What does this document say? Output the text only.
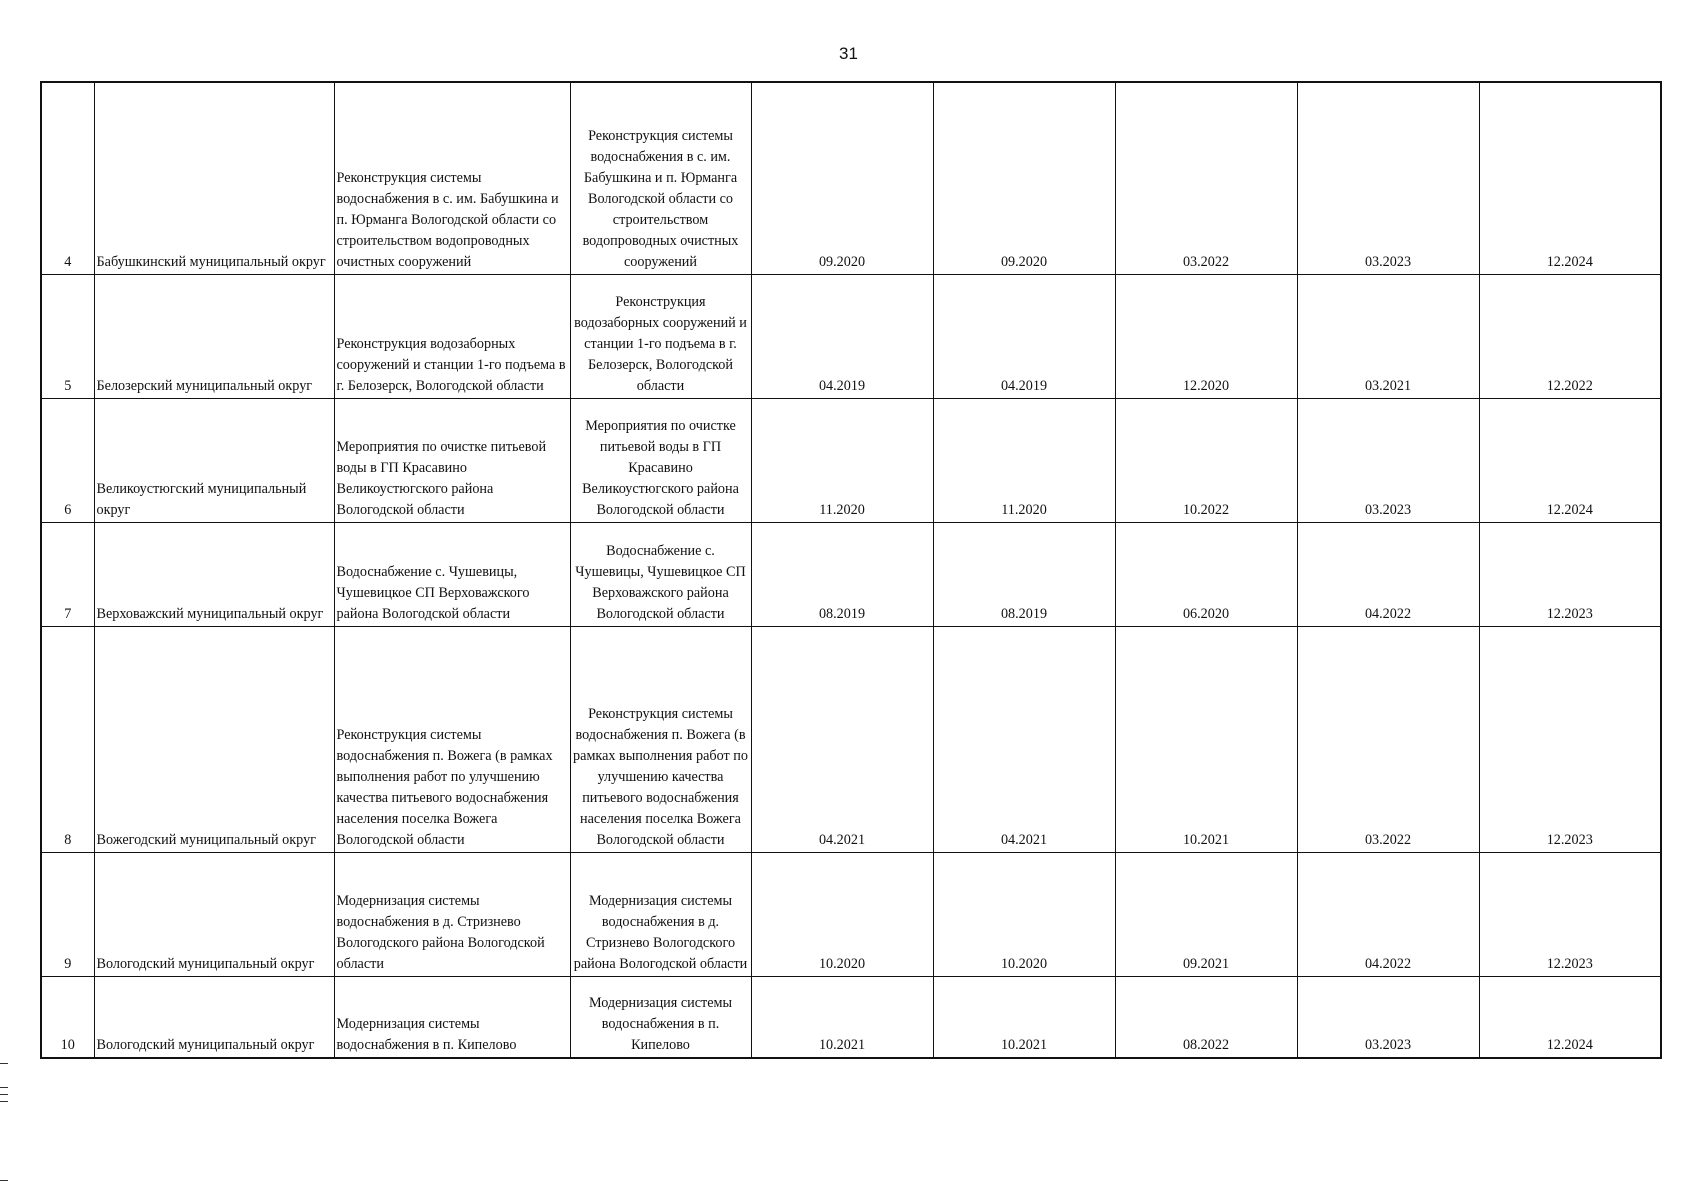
31
4	Бабушкинский муниципальный округ	Реконструкция системы водоснабжения в с. им. Бабушкина и п. Юрманга Вологодской области со строительством водопроводных очистных сооружений	Реконструкция системы водоснабжения в с. им. Бабушкина и п. Юрманга Вологодской области со строительством водопроводных очистных сооружений	09.2020	09.2020	03.2022	03.2023	12.2024
5	Белозерский муниципальный округ	Реконструкция водозаборных сооружений и станции 1-го подъема в г. Белозерск, Вологодской области	Реконструкция водозаборных сооружений и станции 1-го подъема в г. Белозерск, Вологодской области	04.2019	04.2019	12.2020	03.2021	12.2022
6	Великоустюгский муниципальный округ	Мероприятия по очистке питьевой воды в ГП Красавино Великоустюгского района Вологодской области	Мероприятия по очистке питьевой воды в ГП Красавино Великоустюгского района Вологодской области	11.2020	11.2020	10.2022	03.2023	12.2024
7	Верховажский муниципальный округ	Водоснабжение с. Чушевицы, Чушевицкое СП Верховажского района Вологодской области	Водоснабжение с. Чушевицы, Чушевицкое СП Верховажского района Вологодской области	08.2019	08.2019	06.2020	04.2022	12.2023
8	Вожегодский муниципальный округ	Реконструкция системы водоснабжения п. Вожега (в рамках выполнения работ по улучшению качества питьевого водоснабжения населения поселка Вожега Вологодской области	Реконструкция системы водоснабжения п. Вожега (в рамках выполнения работ по улучшению качества питьевого водоснабжения населения поселка Вожега Вологодской области	04.2021	04.2021	10.2021	03.2022	12.2023
9	Вологодский муниципальный округ	Модернизация системы водоснабжения в д. Стризнево Вологодского района Вологодской области	Модернизация системы водоснабжения в д. Стризнево Вологодского района Вологодской области	10.2020	10.2020	09.2021	04.2022	12.2023
10	Вологодский муниципальный округ	Модернизация системы водоснабжения в п. Кипелово	Модернизация системы водоснабжения в п. Кипелово	10.2021	10.2021	08.2022	03.2023	12.2024
